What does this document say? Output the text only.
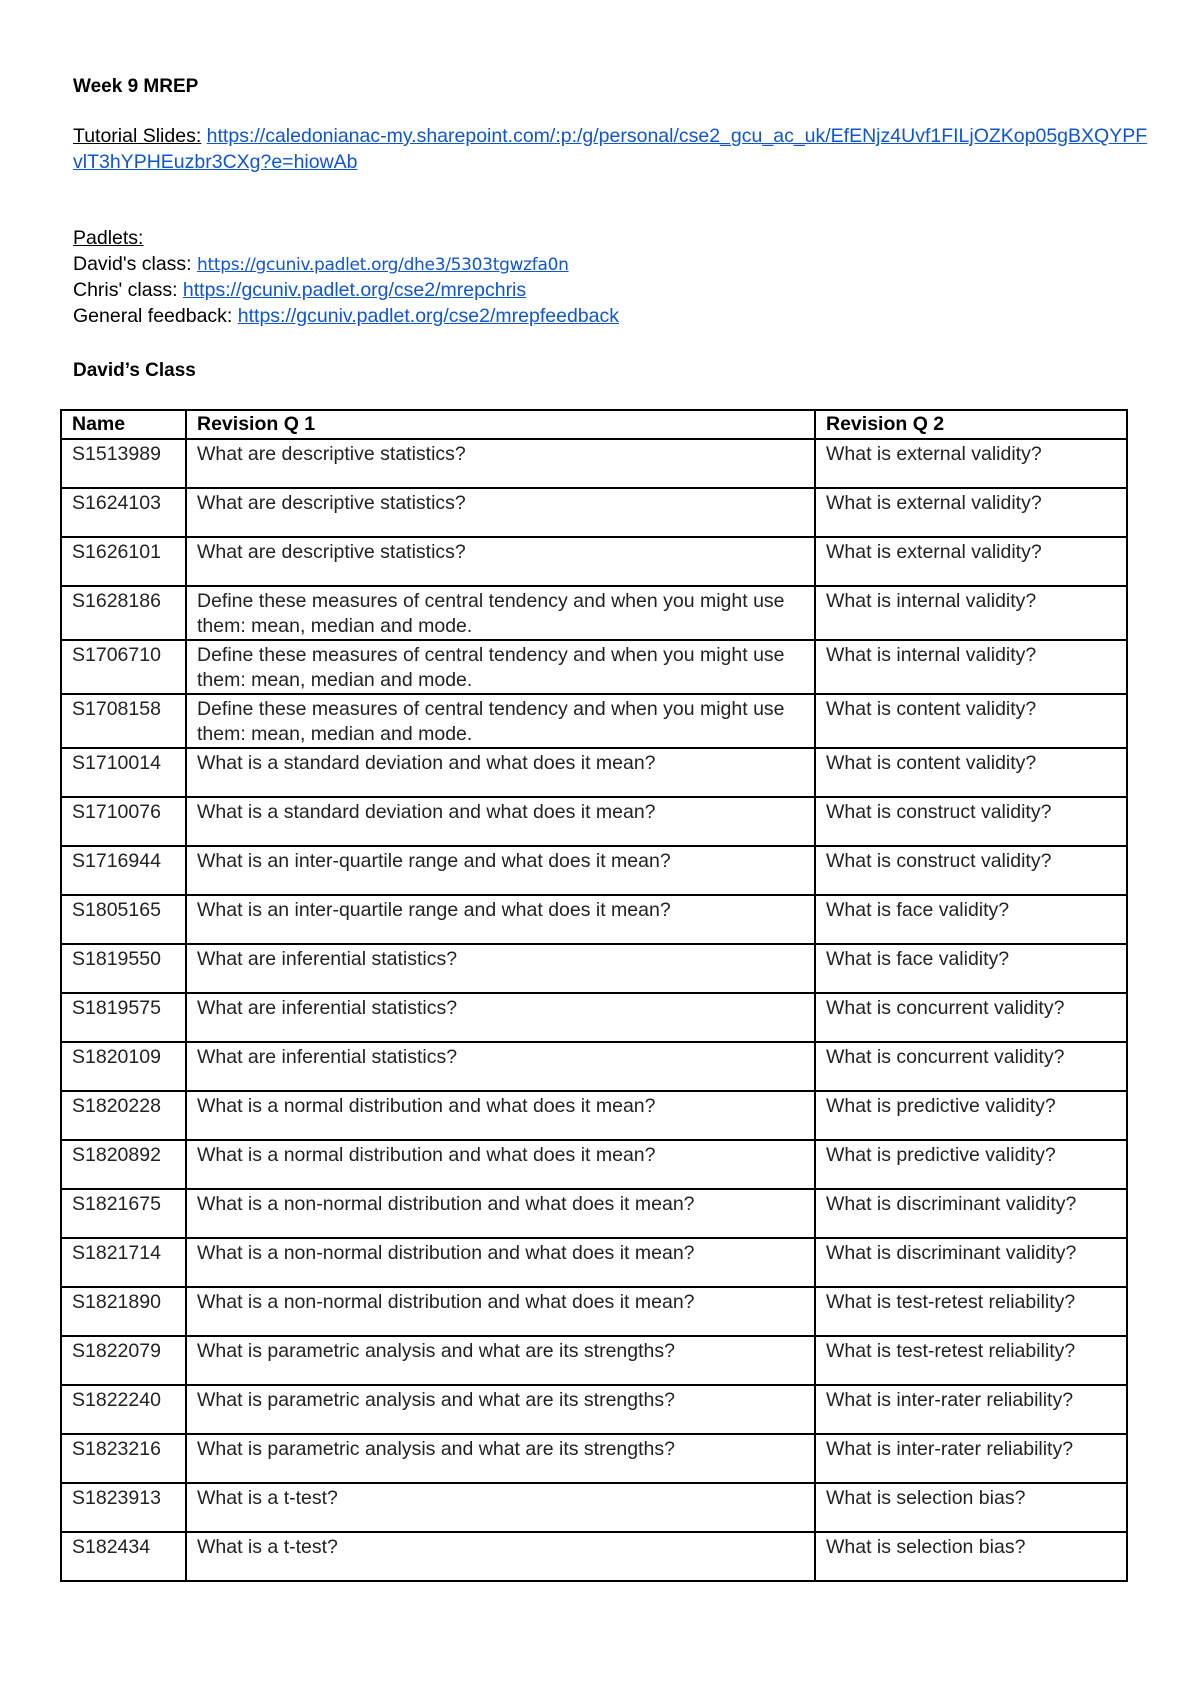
Week 9 MREP
Tutorial Slides: https://caledonianac-my.sharepoint.com/:p:/g/personal/cse2_gcu_ac_uk/EfENjz4Uvf1FILjOZKop05gBXQYPFvlT3hYPHEuzbr3CXg?e=hiowAb
Padlets:
David's class: https://gcuniv.padlet.org/dhe3/5303tgwzfa0n
Chris' class: https://gcuniv.padlet.org/cse2/mrepchris
General feedback: https://gcuniv.padlet.org/cse2/mrepfeedback
David’s Class
Name	Revision Q 1	Revision Q 2
S1513989	What are descriptive statistics?	What is external validity?
S1624103	What are descriptive statistics?	What is external validity?
S1626101	What are descriptive statistics?	What is external validity?
S1628186	Define these measures of central tendency and when you might use them: mean, median and mode.	What is internal validity?
S1706710	Define these measures of central tendency and when you might use them: mean, median and mode.	What is internal validity?
S1708158	Define these measures of central tendency and when you might use them: mean, median and mode.	What is content validity?
S1710014	What is a standard deviation and what does it mean?	What is content validity?
S1710076	What is a standard deviation and what does it mean?	What is construct validity?
S1716944	What is an inter-quartile range and what does it mean?	What is construct validity?
S1805165	What is an inter-quartile range and what does it mean?	What is face validity?
S1819550	What are inferential statistics?	What is face validity?
S1819575	What are inferential statistics?	What is concurrent validity?
S1820109	What are inferential statistics?	What is concurrent validity?
S1820228	What is a normal distribution and what does it mean?	What is predictive validity?
S1820892	What is a normal distribution and what does it mean?	What is predictive validity?
S1821675	What is a non-normal distribution and what does it mean?	What is discriminant validity?
S1821714	What is a non-normal distribution and what does it mean?	What is discriminant validity?
S1821890	What is a non-normal distribution and what does it mean?	What is test-retest reliability?
S1822079	What is parametric analysis and what are its strengths?	What is test-retest reliability?
S1822240	What is parametric analysis and what are its strengths?	What is inter-rater reliability?
S1823216	What is parametric analysis and what are its strengths?	What is inter-rater reliability?
S1823913	What is a t-test?	What is selection bias?
S182434	What is a t-test?	What is selection bias?
